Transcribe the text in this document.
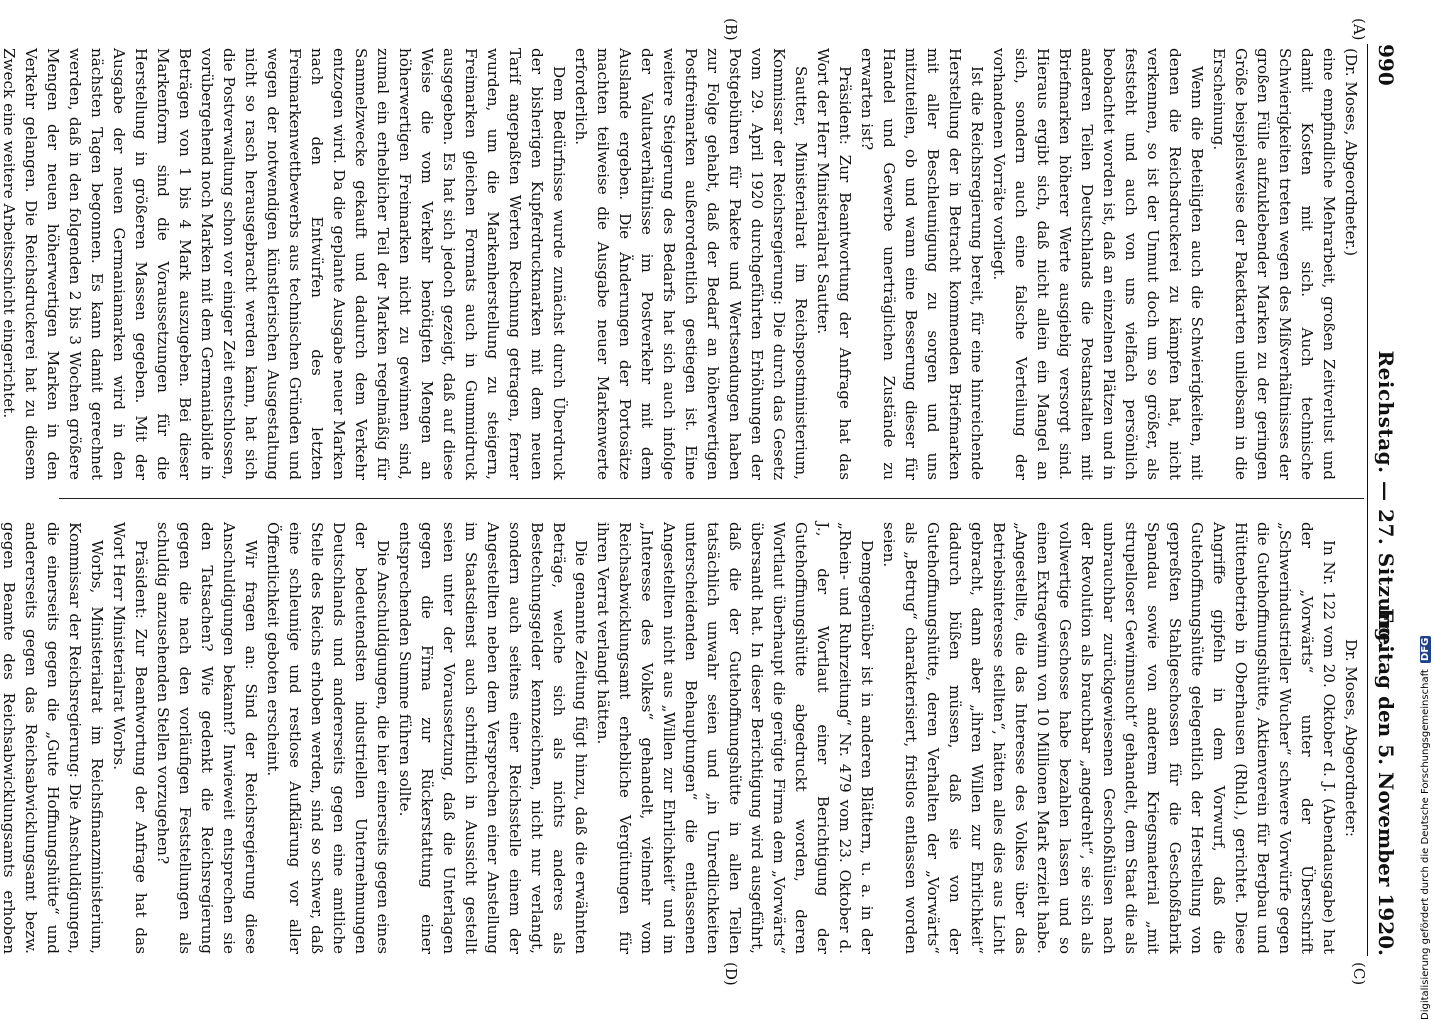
990
Reichstag. — 27. Sitzung.
Freitag den 5. November 1920.
(A)
(B)
(C)
(D)

(Dr. Moses, Abgeordneter.)

eine empfindliche Mehrarbeit, großen Zeitverlust und damit Kosten mit sich. Auch technische Schwierigkeiten treten wegen des Mißverhältnisses der großen Fülle aufzuklebender Marken zu der geringen Größe beispielsweise der Paketkarten unliebsam in die Erscheinung.

Wenn die Beteiligten auch die Schwierigkeiten, mit denen die Reichsdruckerei zu kämpfen hat, nicht verkennen, so ist der Unmut doch um so größer, als feststeht und auch von uns vielfach persönlich beobachtet worden ist, daß an einzelnen Plätzen und in anderen Teilen Deutschlands die Postanstalten mit Briefmarken höherer Werte ausgiebig versorgt sind. Hieraus ergibt sich, daß nicht allein ein Mangel an sich, sondern auch eine falsche Verteilung der vorhandenen Vorräte vorliegt.

Ist die Reichsregierung bereit, für eine hinreichende Herstellung der in Betracht kommenden Briefmarken mit aller Beschleunigung zu sorgen und uns mitzuteilen, ob und wann eine Besserung dieser für Handel und Gewerbe unerträglichen Zustände zu erwarten ist?

Präsident: Zur Beantwortung der Anfrage hat das Wort der Herr Ministerialrat Sautter.

Sautter, Ministerialrat im Reichspostministerium, Kommissar der Reichsregierung: Die durch das Gesetz vom 29. April 1920 durchgeführten Erhöhungen der Postgebühren für Pakete und Wertsendungen haben zur Folge gehabt, daß der Bedarf an höherwertigen Postfreimarken außerordentlich gestiegen ist. Eine weitere Steigerung des Bedarfs hat sich auch infolge der Valutaverhältnisse im Postverkehr mit dem Auslande ergeben. Die Änderungen der Portosätze machten teilweise die Ausgabe neuer Markenwerte erforderlich.

Dem Bedürfnisse wurde zunächst durch Überdruck der bisherigen Kupferdruckmarken mit dem neuen Tarif angepaßten Werten Rechnung getragen, ferner wurden, um die Markenherstellung zu steigern, Freimarken gleichen Formats auch in Gummidruck ausgegeben. Es hat sich jedoch gezeigt, daß auf diese Weise die vom Verkehr benötigten Mengen an höherwertigen Freimarken nicht zu gewinnen sind, zumal ein erheblicher Teil der Marken regelmäßig für Sammelzwecke gekauft und dadurch dem Verkehr entzogen wird. Da die geplante Ausgabe neuer Marken nach den Entwürfen des letzten Freimarkenwettbewerbs aus technischen Gründen und wegen der notwendigen künstlerischen Ausgestaltung nicht so rasch herausgebracht werden kann, hat sich die Postverwaltung schon vor einiger Zeit entschlossen, vorübergehend noch Marken mit dem Germaniabilde in Beträgen von 1 bis 4 Mark auszugeben. Bei dieser Markenform sind die Voraussetzungen für die Herstellung in größeren Massen gegeben. Mit der Ausgabe der neuen Germaniamarken wird in den nächsten Tagen begonnen. Es kann damit gerechnet werden, daß in den folgenden 2 bis 3 Wochen größere Mengen der neuen höherwertigen Marken in den Verkehr gelangen. Die Reichsdruckerei hat zu diesem Zweck eine weitere Arbeitsschicht eingerichtet.

Dr. Moses, Abgeordneter:

In Nr. 122 vom 20. Oktober d. J. (Abendausgabe) hat der „Vorwärts“ unter der Überschrift „Schwerindustrieller Wucher“ schwere Vorwürfe gegen die Gutehoffnungshütte, Aktienverein für Bergbau und Hüttenbetrieb in Oberhausen (Rhld.), gerichtet. Diese Angriffe gipfeln in dem Vorwurf, daß die Gutehoffnungshütte gelegentlich der Herstellung von gepreßten Stahlgeschossen für die Geschoßfabrik Spandau sowie von anderem Kriegsmaterial „mit strupelloser Gewinnsucht“ gehandelt, dem Staat die als unbrauchbar zurückgewiesenen Geschoßhülsen nach der Revolution als brauchbar „angedreht“, sie sich als vollwertige Geschosse habe bezahlen lassen und so einen Extragewinn von 10 Millionen Mark erzielt habe. „Angestellte, die das Interesse des Volkes über das Betriebsinteresse stellten“, hätten alles dies aus Licht gebracht, dann aber „ihren Willen zur Ehrlichkeit“ dadurch büßen müssen, daß sie von der Gutehoffnungshütte, deren Verhalten der „Vorwärts“ als „Betrug“ charakterisiert, fristlos entlassen worden seien.

Demgegenüber ist in anderen Blättern, u. a. in der „Rhein- und Ruhrzeitung“ Nr. 479 vom 23. Oktober d. J., der Wortlaut einer Berichtigung der Gutehoffnungshütte abgedruckt worden, deren Wortlaut überhaupt die gerügte Firma dem „Vorwärts“ übersandt hat. In dieser Berichtigung wird ausgeführt, daß die der Gutehoffnungshütte in allen Teilen tatsächlich unwahr seien und „in Unredlichkeiten unterscheidenden Behauptungen“ die entlassenen Angestellten nicht aus „Willen zur Ehrlichkeit“ und im „Interesse des Volkes“ gehandelt, vielmehr vom Reichsabwicklungsamt erhebliche Vergütungen für ihren Verrat verlangt hätten.

Die genannte Zeitung fügt hinzu, daß die erwähnten Beträge, welche sich als nichts anderes als Bestechungsgelder kennzeichnen, nicht nur verlangt, sondern auch seitens einer Reichsstelle einem der Angestellten neben dem Versprechen einer Anstellung im Staatsdienst auch schriftlich in Aussicht gestellt seien unter der Voraussetzung, daß die Unterlagen gegen die Firma zur Rückerstattung einer entsprechenden Summe führen sollte.

Die Anschuldigungen, die hier einerseits gegen eines der bedeutendsten industriellen Unternehmungen Deutschlands und andererseits gegen eine amtliche Stelle des Reichs erhoben werden, sind so schwer, daß eine schleunige und restlose Aufklärung vor aller Öffentlichkeit geboten erscheint.

Wir fragen an: Sind der Reichsregierung diese Anschuldigungen bekannt? Inwieweit entsprechen sie den Tatsachen? Wie gedenkt die Reichsregierung gegen die nach den vorläufigen Feststellungen als schuldig anzusehenden Stellen vorzugehen?

Präsident: Zur Beantwortung der Anfrage hat das Wort Herr Ministerialrat Worbs.

Worbs, Ministerialrat im Reichsfinanzministerium, Kommissar der Reichsregierung: Die Anschuldigungen, die einerseits gegen die „Gute Hoffnungshütte“ und andererseits gegen das Reichsabwicklungsamt bezw. gegen Beamte des Reichsabwicklungsamts erhoben	Digitalisierung gefördert durch die Deutsche Forschungsgemeinschaft DFG
